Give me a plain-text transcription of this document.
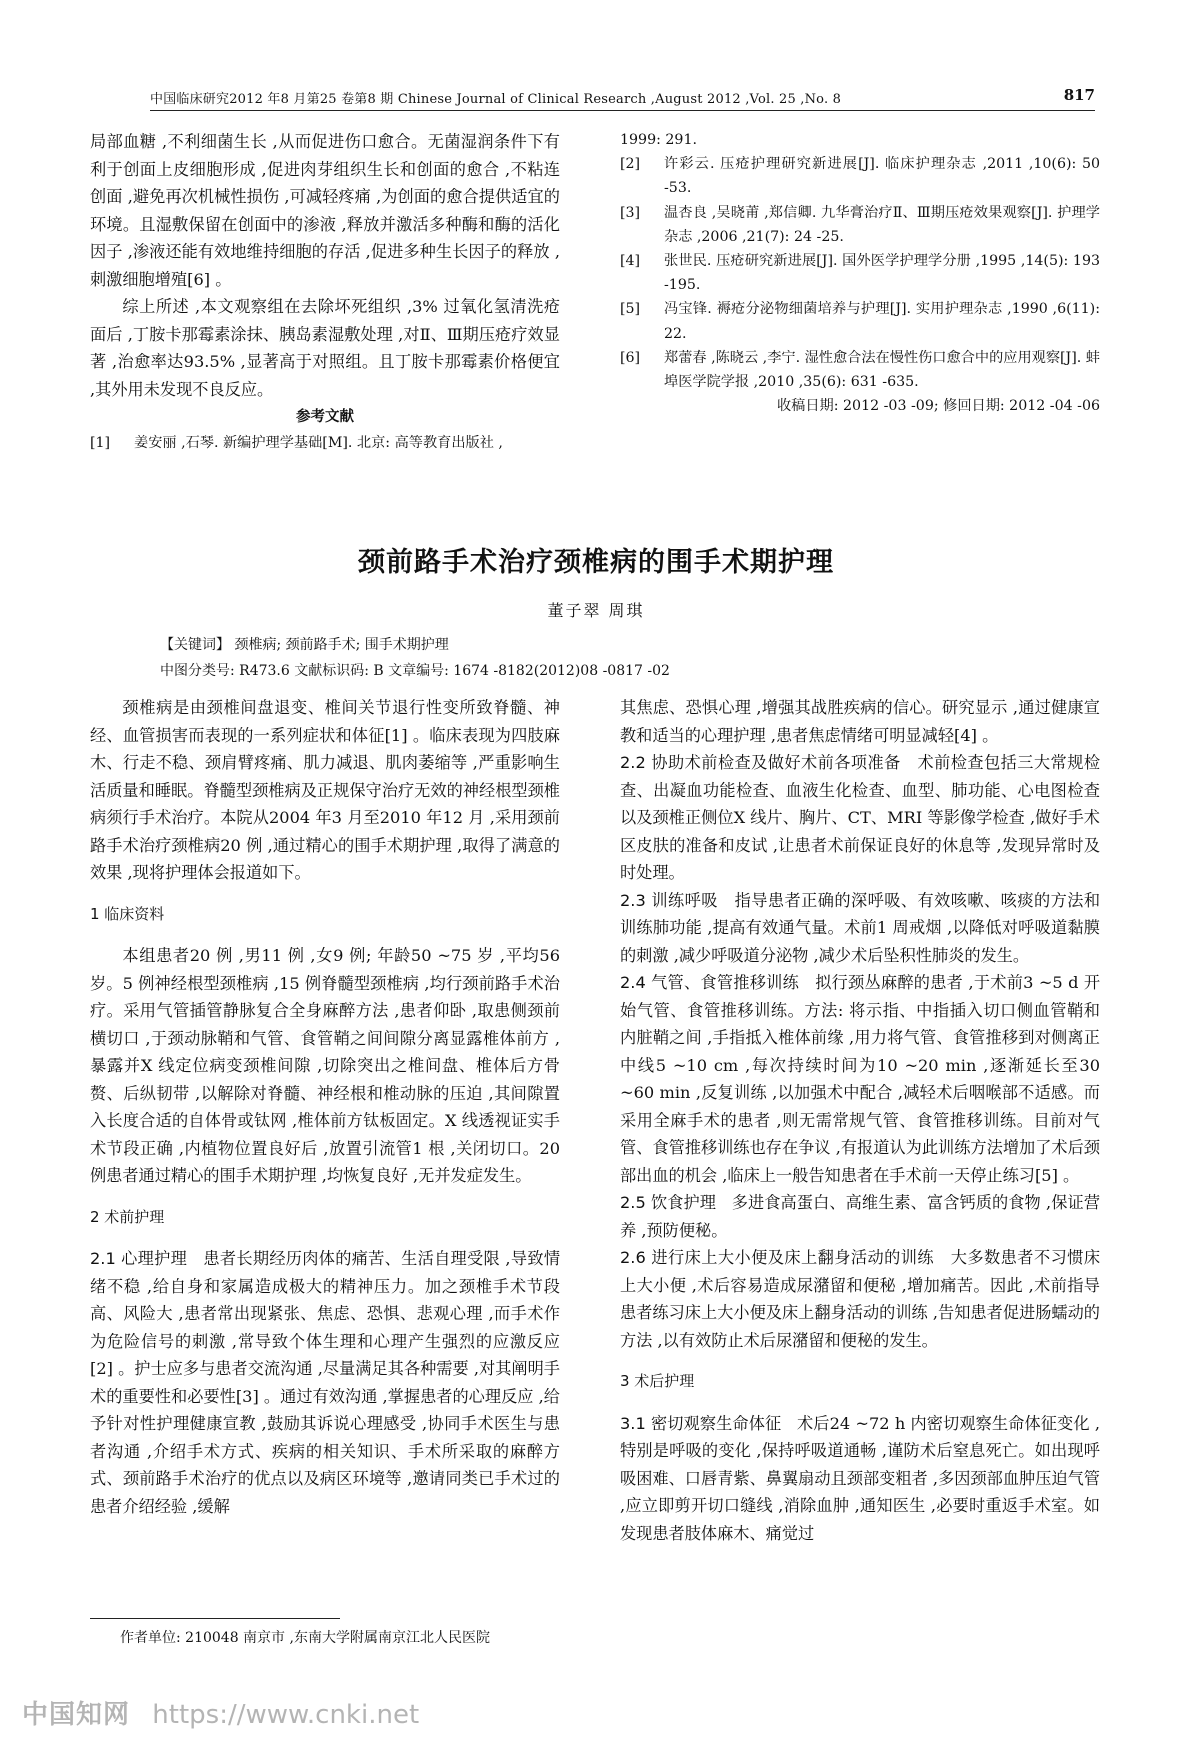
中国临床研究2012 年8 月第25 卷第8 期 Chinese Journal of Clinical Research ,August 2012 ,Vol. 25 ,No. 8	817

局部血糖 ,不利细菌生长 ,从而促进伤口愈合。无菌湿润条件下有利于创面上皮细胞形成 ,促进肉芽组织生长和创面的愈合 ,不粘连创面 ,避免再次机械性损伤 ,可减轻疼痛 ,为创面的愈合提供适宜的环境。且湿敷保留在创面中的渗液 ,释放并激活多种酶和酶的活化因子 ,渗液还能有效地维持细胞的存活 ,促进多种生长因子的释放 ,刺激细胞增殖[6] 。

综上所述 ,本文观察组在去除坏死组织 ,3% 过氧化氢清洗疮面后 ,丁胺卡那霉素涂抹、胰岛素湿敷处理 ,对Ⅱ、Ⅲ期压疮疗效显著 ,治愈率达93.5% ,显著高于对照组。且丁胺卡那霉素价格便宜 ,其外用未发现不良反应。

参考文献
[1]	姜安丽 ,石琴. 新编护理学基础[M]. 北京: 高等教育出版社 ,
1999: 291.
[2]	许彩云. 压疮护理研究新进展[J]. 临床护理杂志 ,2011 ,10(6): 50 -53.
[3]	温杏良 ,吴晓莆 ,郑信卿. 九华膏治疗Ⅱ、Ⅲ期压疮效果观察[J]. 护理学杂志 ,2006 ,21(7): 24 -25.
[4]	张世民. 压疮研究新进展[J]. 国外医学护理学分册 ,1995 ,14(5): 193 -195.
[5]	冯宝锋. 褥疮分泌物细菌培养与护理[J]. 实用护理杂志 ,1990 ,6(11): 22.
[6]	郑蕾春 ,陈晓云 ,李宁. 湿性愈合法在慢性伤口愈合中的应用观察[J]. 蚌埠医学院学报 ,2010 ,35(6): 631 -635.
收稿日期: 2012 -03 -09; 修回日期: 2012 -04 -06
颈前路手术治疗颈椎病的围手术期护理
董子翠 周琪
【关键词】 颈椎病; 颈前路手术; 围手术期护理
中图分类号: R473.6 文献标识码: B 文章编号: 1674 -8182(2012)08 -0817 -02

颈椎病是由颈椎间盘退变、椎间关节退行性变所致脊髓、神经、血管损害而表现的一系列症状和体征[1] 。临床表现为四肢麻木、行走不稳、颈肩臂疼痛、肌力减退、肌肉萎缩等 ,严重影响生活质量和睡眠。脊髓型颈椎病及正规保守治疗无效的神经根型颈椎病须行手术治疗。本院从2004 年3 月至2010 年12 月 ,采用颈前路手术治疗颈椎病20 例 ,通过精心的围手术期护理 ,取得了满意的效果 ,现将护理体会报道如下。

1 临床资料

本组患者20 例 ,男11 例 ,女9 例; 年龄50 ~75 岁 ,平均56 岁。5 例神经根型颈椎病 ,15 例脊髓型颈椎病 ,均行颈前路手术治疗。采用气管插管静脉复合全身麻醉方法 ,患者仰卧 ,取患侧颈前横切口 ,于颈动脉鞘和气管、食管鞘之间间隙分离显露椎体前方 ,暴露并X 线定位病变颈椎间隙 ,切除突出之椎间盘、椎体后方骨赘、后纵韧带 ,以解除对脊髓、神经根和椎动脉的压迫 ,其间隙置入长度合适的自体骨或钛网 ,椎体前方钛板固定。X 线透视证实手术节段正确 ,内植物位置良好后 ,放置引流管1 根 ,关闭切口。20 例患者通过精心的围手术期护理 ,均恢复良好 ,无并发症发生。

2 术前护理

2.1 心理护理 患者长期经历肉体的痛苦、生活自理受限 ,导致情绪不稳 ,给自身和家属造成极大的精神压力。加之颈椎手术节段高、风险大 ,患者常出现紧张、焦虑、恐惧、悲观心理 ,而手术作为危险信号的刺激 ,常导致个体生理和心理产生强烈的应激反应[2] 。护士应多与患者交流沟通 ,尽量满足其各种需要 ,对其阐明手术的重要性和必要性[3] 。通过有效沟通 ,掌握患者的心理反应 ,给予针对性护理健康宣教 ,鼓励其诉说心理感受 ,协同手术医生与患者沟通 ,介绍手术方式、疾病的相关知识、手术所采取的麻醉方式、颈前路手术治疗的优点以及病区环境等 ,邀请同类已手术过的患者介绍经验 ,缓解

其焦虑、恐惧心理 ,增强其战胜疾病的信心。研究显示 ,通过健康宣教和适当的心理护理 ,患者焦虑情绪可明显减轻[4] 。

2.2 协助术前检查及做好术前各项准备 术前检查包括三大常规检查、出凝血功能检查、血液生化检查、血型、肺功能、心电图检查以及颈椎正侧位X 线片、胸片、CT、MRI 等影像学检查 ,做好手术区皮肤的准备和皮试 ,让患者术前保证良好的休息等 ,发现异常时及时处理。

2.3 训练呼吸 指导患者正确的深呼吸、有效咳嗽、咳痰的方法和训练肺功能 ,提高有效通气量。术前1 周戒烟 ,以降低对呼吸道黏膜的刺激 ,减少呼吸道分泌物 ,减少术后坠积性肺炎的发生。

2.4 气管、食管推移训练 拟行颈丛麻醉的患者 ,于术前3 ~5 d 开始气管、食管推移训练。方法: 将示指、中指插入切口侧血管鞘和内脏鞘之间 ,手指抵入椎体前缘 ,用力将气管、食管推移到对侧离正中线5 ~10 cm ,每次持续时间为10 ~20 min ,逐渐延长至30 ~60 min ,反复训练 ,以加强术中配合 ,减轻术后咽喉部不适感。而采用全麻手术的患者 ,则无需常规气管、食管推移训练。目前对气管、食管推移训练也存在争议 ,有报道认为此训练方法增加了术后颈部出血的机会 ,临床上一般告知患者在手术前一天停止练习[5] 。

2.5 饮食护理 多进食高蛋白、高维生素、富含钙质的食物 ,保证营养 ,预防便秘。

2.6 进行床上大小便及床上翻身活动的训练 大多数患者不习惯床上大小便 ,术后容易造成尿潴留和便秘 ,增加痛苦。因此 ,术前指导患者练习床上大小便及床上翻身活动的训练 ,告知患者促进肠蠕动的方法 ,以有效防止术后尿潴留和便秘的发生。

3 术后护理

3.1 密切观察生命体征 术后24 ~72 h 内密切观察生命体征变化 ,特别是呼吸的变化 ,保持呼吸道通畅 ,谨防术后窒息死亡。如出现呼吸困难、口唇青紫、鼻翼扇动且颈部变粗者 ,多因颈部血肿压迫气管 ,应立即剪开切口缝线 ,消除血肿 ,通知医生 ,必要时重返手术室。如发现患者肢体麻木、痛觉过

作者单位: 210048 南京市 ,东南大学附属南京江北人民医院
中国知网 https://www.cnki.net
